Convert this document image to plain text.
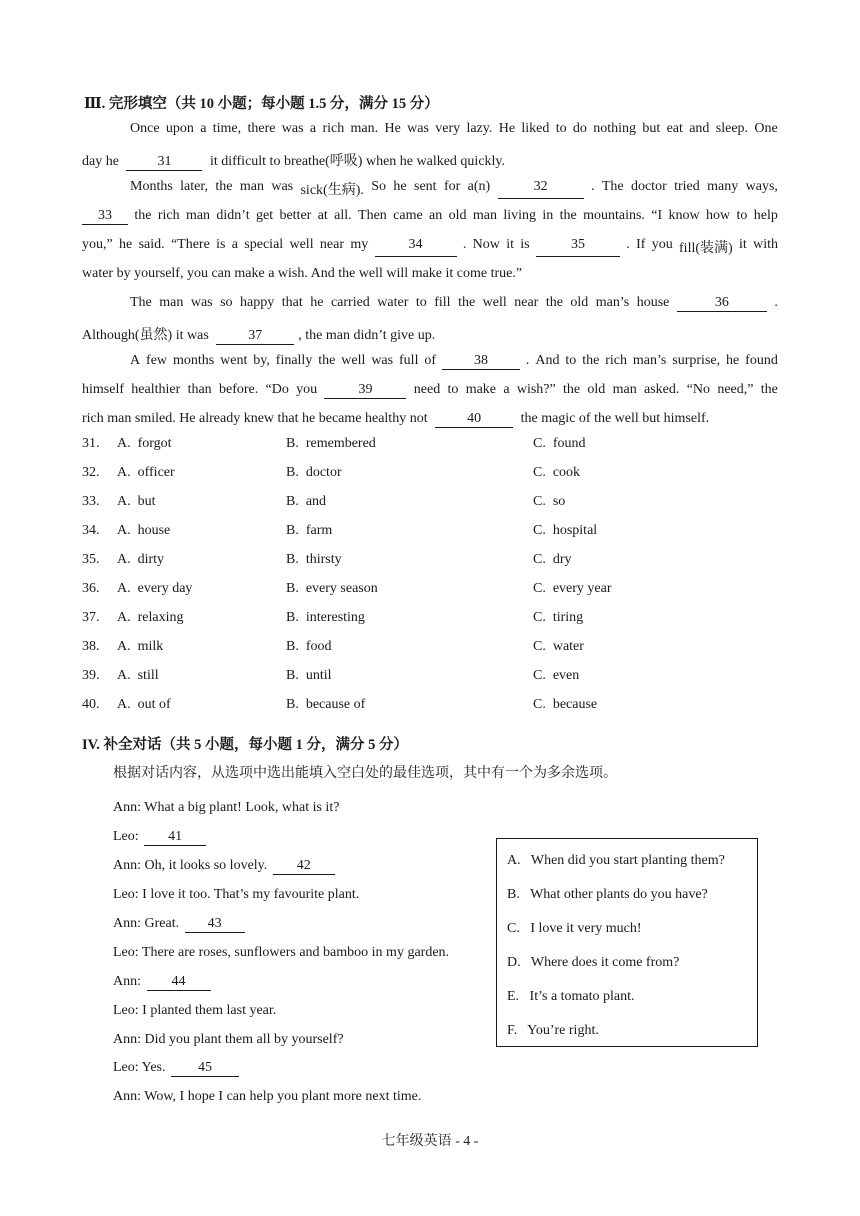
Ⅲ. 完形填空（共 10 小题；每小题 1.5 分，满分 15 分）
Once upon a time, there was a rich man. He was very lazy. He liked to do nothing but eat and sleep. One
day he	31	it difficult to breathe(呼吸) when he walked quickly.
Months later, the man was sick(生病). So he sent for a(n)	32	. The doctor tried many ways,
33	the rich man didn’t get better at all. Then came an old man living in the mountains. “I know how to help
you,” he said. “There is a special well near my	34	. Now it is	35	. If you fill(装满) it with
water by yourself, you can make a wish. And the well will make it come true.”
The man was so happy that he carried water to fill the well near the old man’s house	36	.
Although(虽然) it was	37	, the man didn’t give up.
A few months went by, finally the well was full of	38	. And to the rich man’s surprise, he found
himself healthier than before. “Do you	39	need to make a wish?” the old man asked. “No need,” the
rich man smiled. He already knew that he became healthy not	40	the magic of the well but himself.
31. A.  forgot	B.  remembered	C.  found
32. A.  officer	B.  doctor	C.  cook
33. A.  but	B.  and	C.  so
34. A.  house	B.  farm	C.  hospital
35. A.  dirty	B.  thirsty	C.  dry
36. A.  every day	B.  every season	C.  every year
37. A.  relaxing	B.  interesting	C.  tiring
38. A.  milk	B.  food	C.  water
39. A.  still	B.  until	C.  even
40. A.  out of	B.  because of	C.  because
IV. 补全对话（共 5 小题，每小题 1 分，满分 5 分）
根据对话内容，从选项中选出能填入空白处的最佳选项，其中有一个为多余选项。
Ann: What a big plant! Look, what is it?
Leo: 41
Ann: Oh, it looks so lovely. 42
Leo: I love it too. That’s my favourite plant.
Ann: Great. 43
Leo: There are roses, sunflowers and bamboo in my garden.
Ann: 44
Leo: I planted them last year.
Ann: Did you plant them all by yourself?
Leo: Yes. 45
Ann: Wow, I hope I can help you plant more next time.
A.   When did you start planting them?
B.   What other plants do you have?
C.   I love it very much!
D.   Where does it come from?
E.   It’s a tomato plant.
F.   You’re right.
七年级英语 - 4 -
